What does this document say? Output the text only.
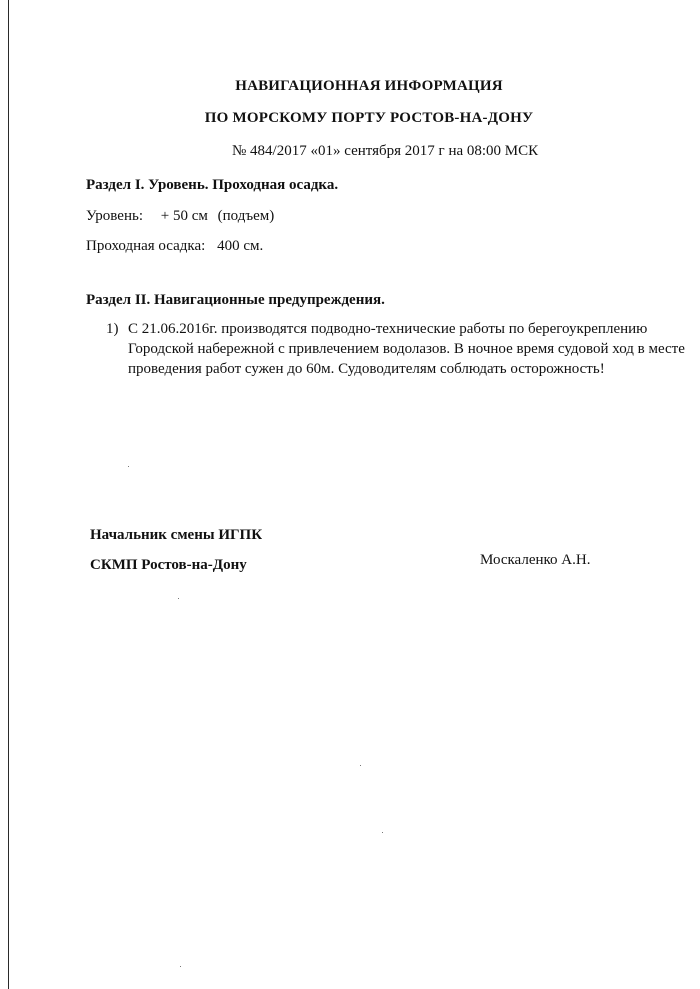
НАВИГАЦИОННАЯ ИНФОРМАЦИЯ
ПО МОРСКОМУ ПОРТУ РОСТОВ-НА-ДОНУ
№ 484/2017 «01» сентября 2017 г на 08:00 МСК
Раздел I. Уровень. Проходная осадка.
Уровень: + 50 см (подъем)
Проходная осадка: 400 см.
Раздел II. Навигационные предупреждения.
1) С 21.06.2016г. производятся подводно-технические работы по берегоукреплению
Городской набережной с привлечением водолазов. В ночное время судовой ход в месте
проведения работ сужен до 60м. Судоводителям соблюдать осторожность!
Начальник смены ИГПК
СКМП Ростов-на-Дону	Москаленко А.Н.
